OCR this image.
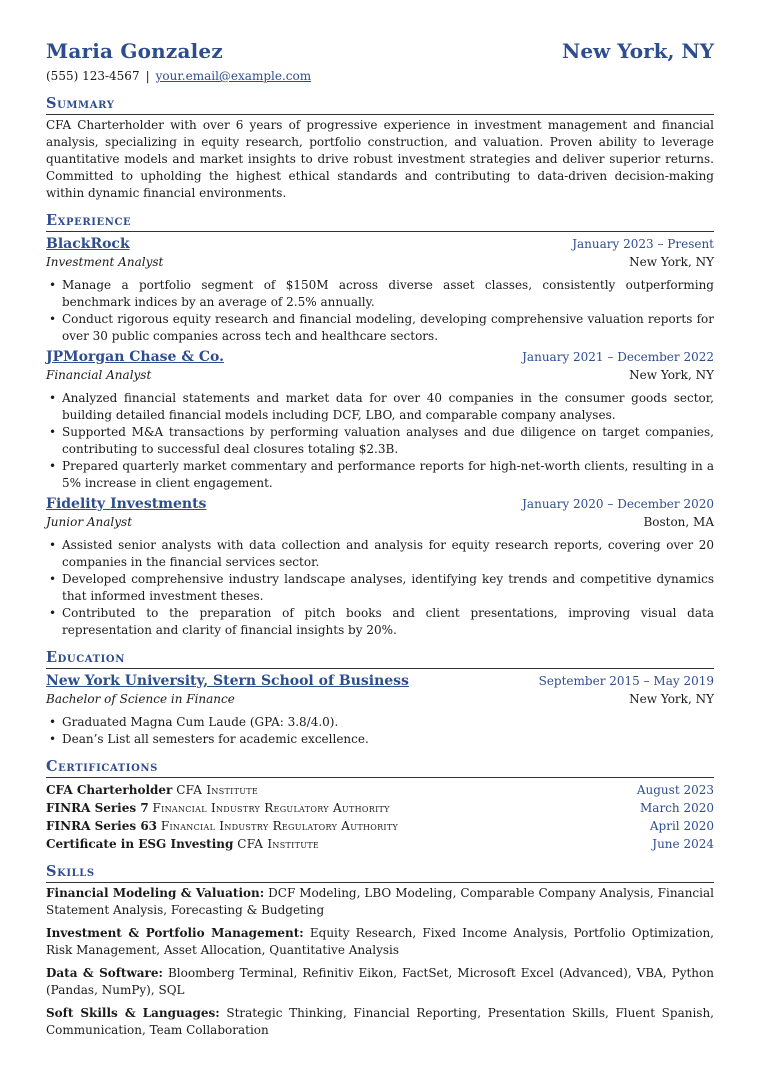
Maria Gonzalez	New York, NY
(555) 123-4567 | your.email@example.com
Summary
CFA Charterholder with over 6 years of progressive experience in investment management and financial analysis, specializing in equity research, portfolio construction, and valuation. Proven ability to leverage quantitative models and market insights to drive robust investment strategies and deliver superior returns. Committed to upholding the highest ethical standards and contributing to data-driven decision-making within dynamic financial environments.
Experience
BlackRock	January 2023 – Present
Investment Analyst	New York, NY
• Manage a portfolio segment of $150M across diverse asset classes, consistently outperforming benchmark indices by an average of 2.5% annually.
• Conduct rigorous equity research and financial modeling, developing comprehensive valuation reports for over 30 public companies across tech and healthcare sectors.
JPMorgan Chase & Co.	January 2021 – December 2022
Financial Analyst	New York, NY
• Analyzed financial statements and market data for over 40 companies in the consumer goods sector, building detailed financial models including DCF, LBO, and comparable company analyses.
• Supported M&A transactions by performing valuation analyses and due diligence on target companies, contributing to successful deal closures totaling $2.3B.
• Prepared quarterly market commentary and performance reports for high-net-worth clients, resulting in a 5% increase in client engagement.
Fidelity Investments	January 2020 – December 2020
Junior Analyst	Boston, MA
• Assisted senior analysts with data collection and analysis for equity research reports, covering over 20 companies in the financial services sector.
• Developed comprehensive industry landscape analyses, identifying key trends and competitive dynamics that informed investment theses.
• Contributed to the preparation of pitch books and client presentations, improving visual data representation and clarity of financial insights by 20%.
Education
New York University, Stern School of Business	September 2015 – May 2019
Bachelor of Science in Finance	New York, NY
• Graduated Magna Cum Laude (GPA: 3.8/4.0).
• Dean’s List all semesters for academic excellence.
Certifications
CFA Charterholder CFA Institute	August 2023
FINRA Series 7 Financial Industry Regulatory Authority	March 2020
FINRA Series 63 Financial Industry Regulatory Authority	April 2020
Certificate in ESG Investing CFA Institute	June 2024
Skills
Financial Modeling & Valuation: DCF Modeling, LBO Modeling, Comparable Company Analysis, Financial Statement Analysis, Forecasting & Budgeting
Investment & Portfolio Management: Equity Research, Fixed Income Analysis, Portfolio Optimization, Risk Management, Asset Allocation, Quantitative Analysis
Data & Software: Bloomberg Terminal, Refinitiv Eikon, FactSet, Microsoft Excel (Advanced), VBA, Python (Pandas, NumPy), SQL
Soft Skills & Languages: Strategic Thinking, Financial Reporting, Presentation Skills, Fluent Spanish, Communication, Team Collaboration
